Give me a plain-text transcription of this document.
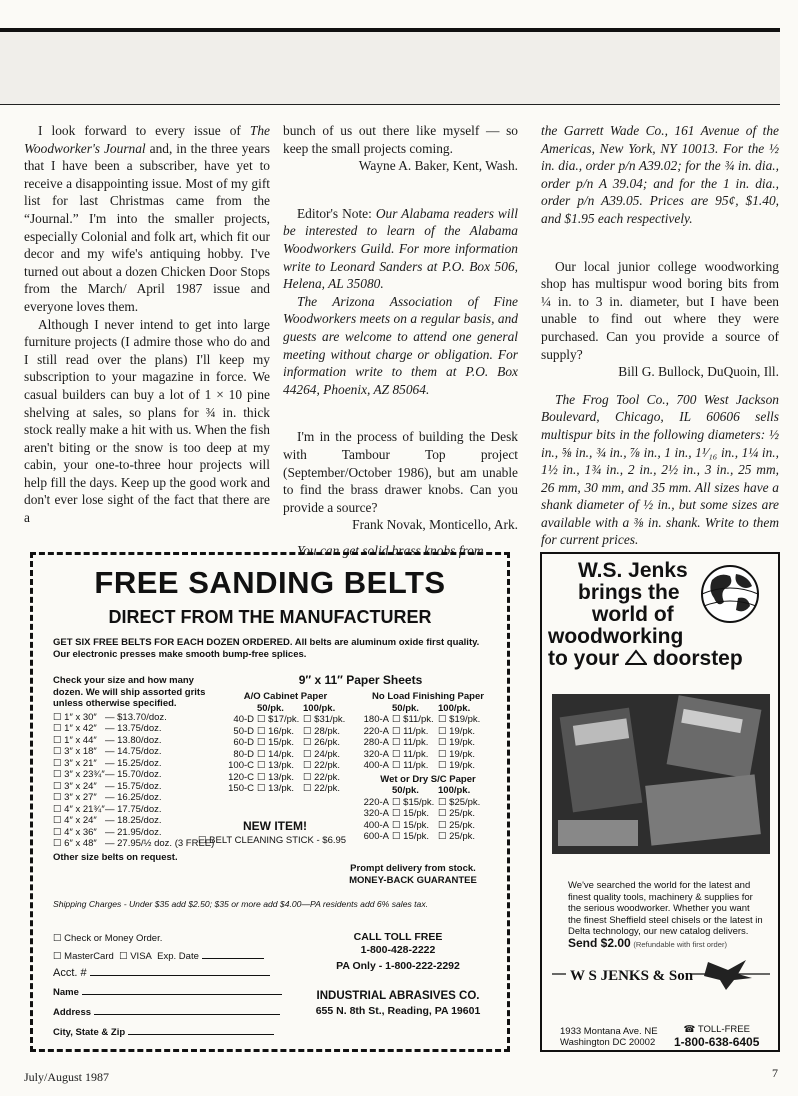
I look forward to every issue of The Woodworker's Journal and, in the three years that I have been a subscriber, have yet to receive a disappointing issue. Most of my gift list for last Christmas came from the “Journal.” I'm into the smaller projects, especially Colonial and folk art, which fit our decor and my wife's antiquing hobby. I've turned out about a dozen Chicken Door Stops from the March/ April 1987 issue and everyone loves them.

Although I never intend to get into large furniture projects (I admire those who do and I still read over the plans) I'll keep my subscription to your magazine in force. We casual builders can buy a lot of 1 × 10 pine shelving at sales, so plans for ¾ in. thick stock really make a hit with us. When the fish aren't biting or the snow is too deep at my cabin, your one-to-three hour projects will help fill the days. Keep up the good work and don't ever lose sight of the fact that there are a

bunch of us out there like myself — so keep the small projects coming.

Wayne A. Baker, Kent, Wash.

Editor's Note: Our Alabama readers will be interested to learn of the Alabama Woodworkers Guild. For more information write to Leonard Sanders at P.O. Box 506, Helena, AL 35080.

The Arizona Association of Fine Woodworkers meets on a regular basis, and guests are welcome to attend one general meeting without charge or obligation. For information write to them at P.O. Box 44264, Phoenix, AZ 85064.

I'm in the process of building the Desk with Tambour Top project (September/October 1986), but am unable to find the brass drawer knobs. Can you provide a source?

Frank Novak, Monticello, Ark.

You can get solid brass knobs from

the Garrett Wade Co., 161 Avenue of the Americas, New York, NY 10013. For the ½ in. dia., order p/n A39.02; for the ¾ in. dia., order p/n A 39.04; and for the 1 in. dia., order p/n A39.05. Prices are 95¢, $1.40, and $1.95 each respectively.

Our local junior college woodworking shop has multispur wood boring bits from ¼ in. to 3 in. diameter, but I have been unable to find out where they were purchased. Can you provide a source of supply?

Bill G. Bullock, DuQuoin, Ill.

The Frog Tool Co., 700 West Jackson Boulevard, Chicago, IL 60606 sells multispur bits in the following diameters: ½ in., ⅝ in., ¾ in., ⅞ in., 1 in., 1¹⁄₁₆ in., 1¼ in., 1½ in., 1¾ in., 2 in., 2½ in., 3 in., 25 mm, 26 mm, 30 mm, and 35 mm. All sizes have a shank diameter of ½ in., but some sizes are available with a ⅜ in. shank. Write to them for current prices.

FREE SANDING BELTS
DIRECT FROM THE MANUFACTURER
GET SIX FREE BELTS FOR EACH DOZEN ORDERED. All belts are aluminum oxide first quality. Our electronic presses make smooth bump-free splices.
Check your size and how many dozen. We will ship assorted grits unless otherwise specified.
☐ 1″ x 30″ — $13.70/doz.
☐ 1″ x 42″ — 13.75/doz.
☐ 1″ x 44″ — 13.80/doz.
☐ 3″ x 18″ — 14.75/doz.
☐ 3″ x 21″ — 15.25/doz.
☐ 3″ x 23¾″ — 15.70/doz.
☐ 3″ x 24″ — 15.75/doz.
☐ 3″ x 27″ — 16.25/doz.
☐ 4″ x 21¾″ — 17.75/doz.
☐ 4″ x 24″ — 18.25/doz.
☐ 4″ x 36″ — 21.95/doz.
☐ 6″ x 48″ — 27.95/½ doz. (3 FREE)
Other size belts on request.
9″ x 11″ Paper Sheets
A/O Cabinet Paper
50/pk.	100/pk.
40-D ☐ $17/pk. ☐ $31/pk.
50-D ☐ 16/pk. ☐ 28/pk.
60-D ☐ 15/pk. ☐ 26/pk.
80-D ☐ 14/pk. ☐ 24/pk.
100-C ☐ 13/pk. ☐ 22/pk.
120-C ☐ 13/pk. ☐ 22/pk.
150-C ☐ 13/pk. ☐ 22/pk.
No Load Finishing Paper
50/pk.	100/pk.
180-A ☐ $11/pk. ☐ $19/pk.
220-A ☐ 11/pk.	☐ 19/pk.
280-A ☐ 11/pk.	☐ 19/pk.
320-A ☐ 11/pk.	☐ 19/pk.
400-A ☐ 11/pk.	☐ 19/pk.
Wet or Dry S/C Paper
50/pk.	100/pk.
220-A ☐ $15/pk. ☐ $25/pk.
320-A ☐ 15/pk. ☐ 25/pk.
400-A ☐ 15/pk. ☐ 25/pk.
600-A ☐ 15/pk. ☐ 25/pk.
NEW ITEM!
☐ BELT CLEANING STICK - $6.95
Prompt delivery from stock.
MONEY-BACK GUARANTEE
Shipping Charges - Under $35 add $2.50; $35 or more add $4.00—PA residents add 6% sales tax.
☐ Check or Money Order.
☐ MasterCard ☐ VISA Exp. Date
Acct. #
Name
Address
City, State & Zip
CALL TOLL FREE
1-800-428-2222
PA Only - 1-800-222-2292
INDUSTRIAL ABRASIVES CO.
655 N. 8th St., Reading, PA 19601
W.S. Jenks
brings the
world of
woodworking
to your doorstep
We've searched the world for the latest and finest quality tools, machinery & supplies for the serious woodworker. Whether you want the finest Sheffield steel chisels or the latest in Delta technology, our new catalog delivers.
Send $2.00 (Refundable with first order)
W S JENKS & Son
1933 Montana Ave. NE
Washington DC 20002
☎ TOLL-FREE
1-800-638-6405
July/August 1987	7
